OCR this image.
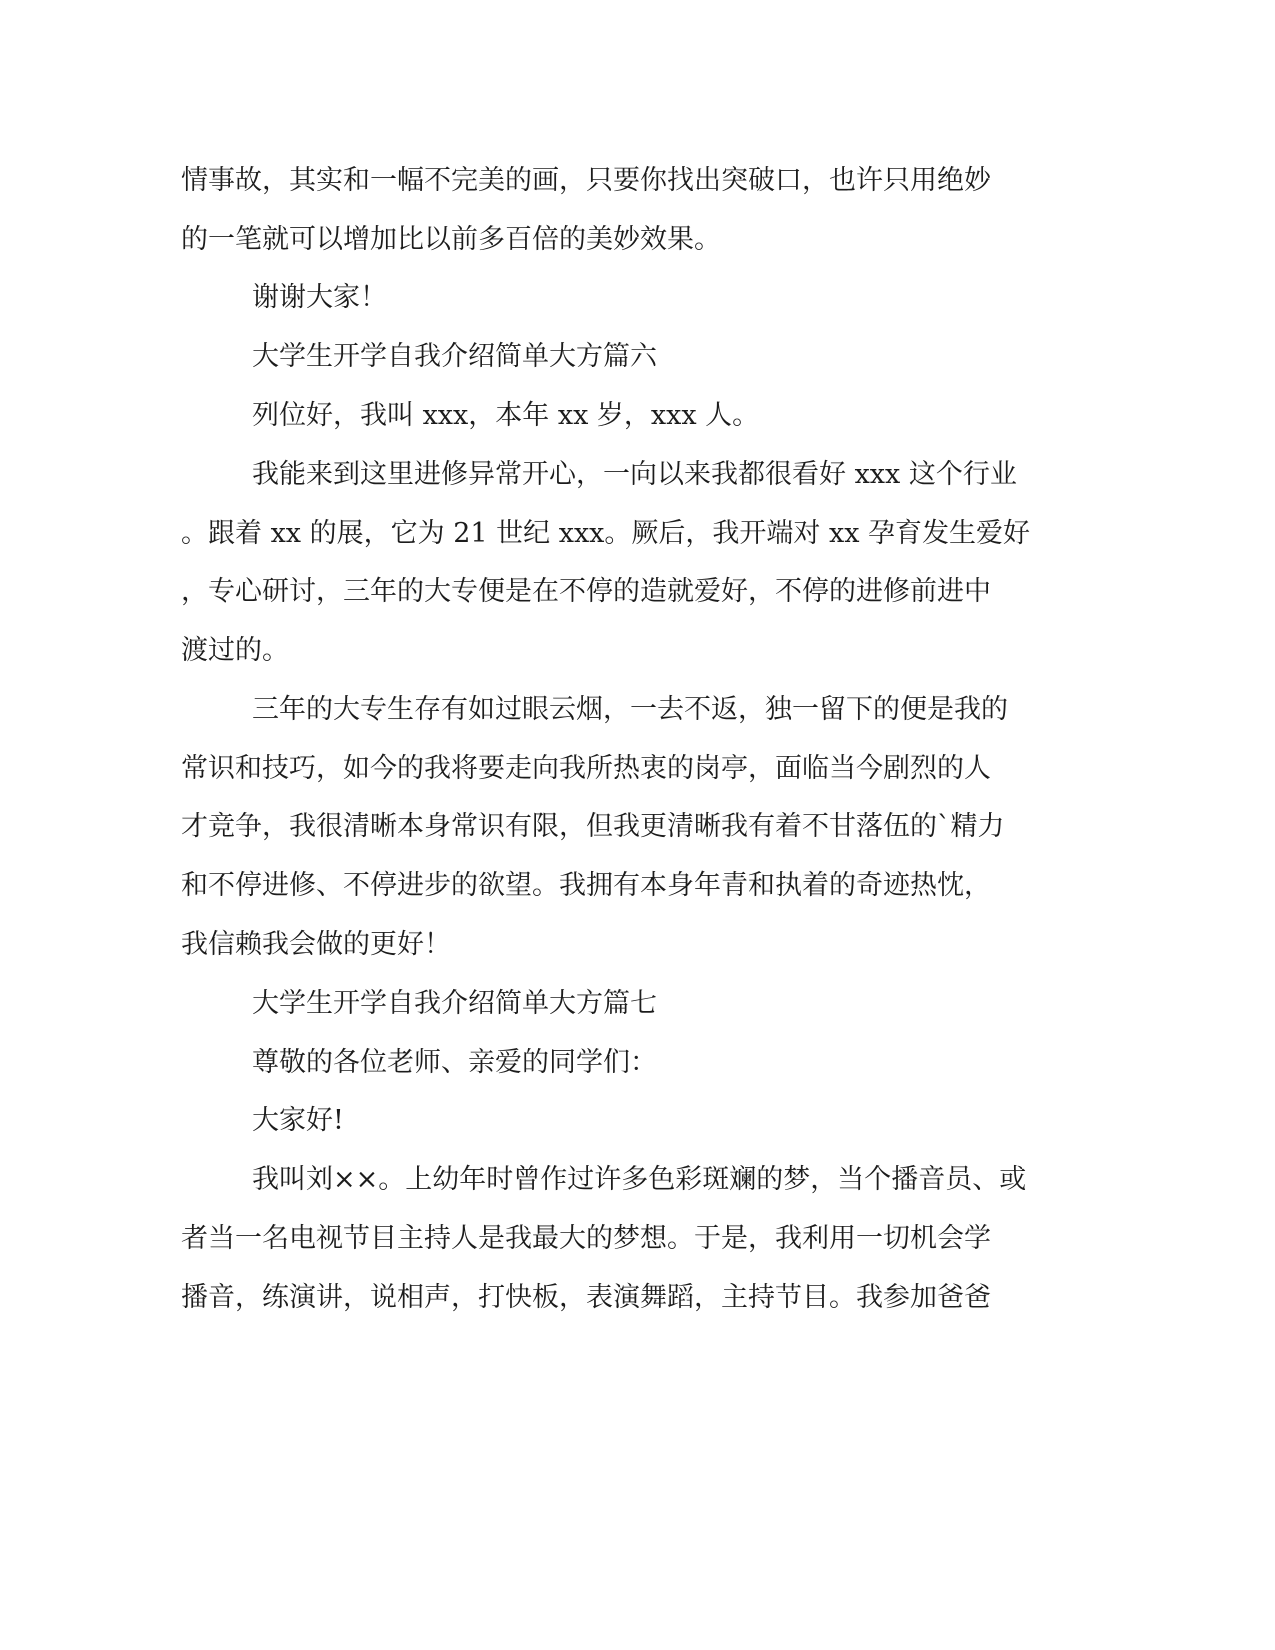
情事故，其实和一幅不完美的画，只要你找出突破口，也许只用绝妙
的一笔就可以增加比以前多百倍的美妙效果。
谢谢大家！
大学生开学自我介绍简单大方篇六
列位好，我叫 xxx，本年 xx 岁，xxx 人。
我能来到这里进修异常开心，一向以来我都很看好 xxx 这个行业
。跟着 xx 的展，它为 21 世纪 xxx。厥后，我开端对 xx 孕育发生爱好
，专心研讨，三年的大专便是在不停的造就爱好，不停的进修前进中
渡过的。
三年的大专生存有如过眼云烟，一去不返，独一留下的便是我的
常识和技巧，如今的我将要走向我所热衷的岗亭，面临当今剧烈的人
才竞争，我很清晰本身常识有限，但我更清晰我有着不甘落伍的`精力
和不停进修、不停进步的欲望。我拥有本身年青和执着的奇迹热忱，
我信赖我会做的更好！
大学生开学自我介绍简单大方篇七
尊敬的各位老师、亲爱的同学们：
大家好!
我叫刘××。上幼年时曾作过许多色彩斑斓的梦，当个播音员、或
者当一名电视节目主持人是我最大的梦想。于是，我利用一切机会学
播音，练演讲，说相声，打快板，表演舞蹈，主持节目。我参加爸爸
